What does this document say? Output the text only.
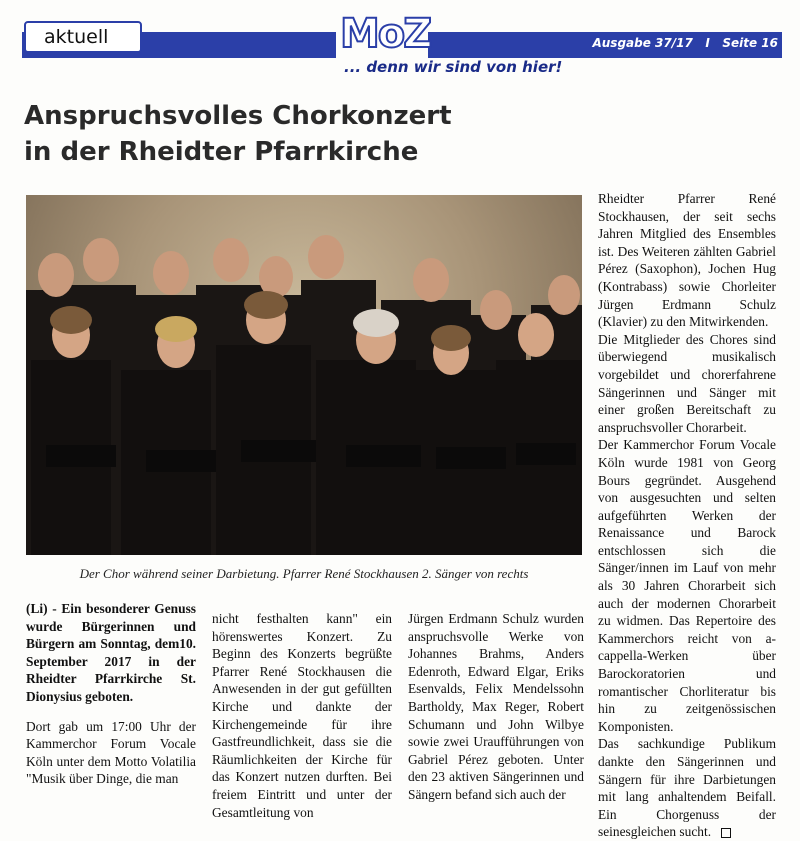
aktuell	MoZ
... denn wir sind von hier!
Ausgabe 37/17   I   Seite 16
Anspruchsvolles Chorkonzert
in der Rheidter Pfarrkirche
Der Chor während seiner Darbietung. Pfarrer René Stockhausen 2. Sänger von rechts

(Li) - Ein besonderer Genuss wurde Bürgerinnen und Bürgern am Sonntag, dem10. September 2017 in der Rheidter Pfarrkirche St. Dionysius geboten.

Dort gab um 17:00 Uhr der Kammerchor Forum Vocale Köln unter dem Motto Volatilia "Musik über Dinge, die man

nicht festhalten kann" ein hörenswertes Konzert. Zu Beginn des Konzerts begrüßte Pfarrer René Stockhausen die Anwesenden in der gut gefüllten Kirche und dankte der Kirchengemeinde für ihre Gastfreundlichkeit, dass sie die Räumlichkeiten der Kirche für das Konzert nutzen durften. Bei freiem Eintritt und unter der Gesamtleitung von

Jürgen Erdmann Schulz wurden anspruchsvolle Werke von Johannes Brahms, Anders Edenroth, Edward Elgar, Eriks Esenvalds, Felix Mendelssohn Bartholdy, Max Reger, Robert Schumann und John Wilbye sowie zwei Uraufführungen von Gabriel Pérez geboten. Unter den 23 aktiven Sängerinnen und Sängern befand sich auch der

Rheidter Pfarrer René Stockhausen, der seit sechs Jahren Mitglied des Ensembles ist. Des Weiteren zählten Gabriel Pérez (Saxophon), Jochen Hug (Kontrabass) sowie Chorleiter Jürgen Erdmann Schulz (Klavier) zu den Mitwirkenden.

Die Mitglieder des Chores sind überwiegend musikalisch vorgebildet und chorerfahrene Sängerinnen und Sänger mit einer großen Bereitschaft zu anspruchsvoller Chorarbeit.

Der Kammerchor Forum Vocale Köln wurde 1981 von Georg Bours gegründet. Ausgehend von ausgesuchten und selten aufgeführten Werken der Renaissance und Barock entschlossen sich die Sänger/innen im Lauf von mehr als 30 Jahren Chorarbeit sich auch der modernen Chorarbeit zu widmen. Das Repertoire des Kammerchors reicht von a-cappella-Werken über Barockoratorien und romantischer Chorliteratur bis hin zu zeitgenössischen Komponisten.

Das sachkundige Publikum dankte den Sängerinnen und Sängern für ihre Darbietungen mit lang anhaltendem Beifall. Ein Chorgenuss der seinesgleichen sucht.
